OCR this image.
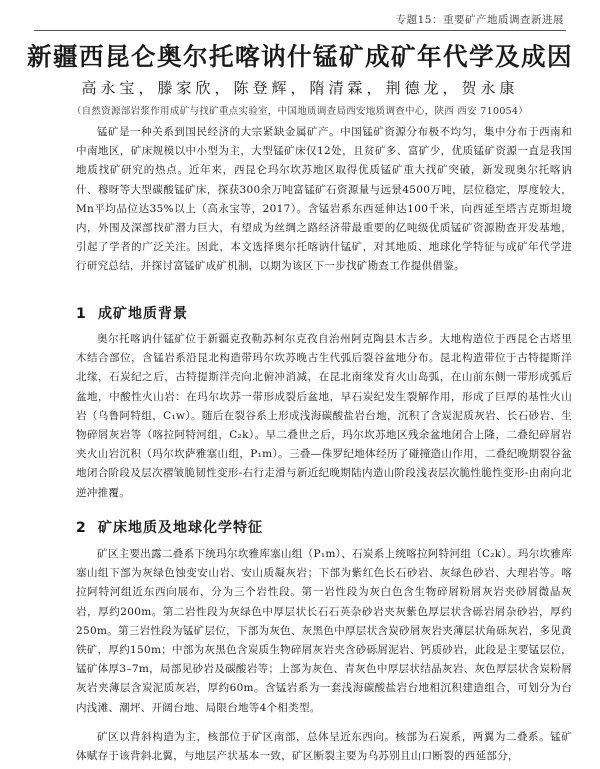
专题15：重要矿产地质调查新进展
新疆西昆仑奥尔托喀讷什锰矿成矿年代学及成因
高永宝，滕家欣，陈登辉，隋清霖，荆德龙，贺永康
（自然资源部岩浆作用成矿与找矿重点实验室，中国地质调查局西安地质调查中心，陕西 西安 710054）

锰矿是一种关系到国民经济的大宗紧缺金属矿产。中国锰矿资源分布极不均匀，集中分布于西南和中南地区，矿床规模以中小型为主，大型锰矿床仅12处，且贫矿多、富矿少，优质锰矿资源一直是我国地质找矿研究的热点。近年来，西昆仑玛尔坎苏地区取得优质锰矿重大找矿突破，新发现奥尔托喀讷什、穆呀等大型碳酸锰矿床，探获300余万吨富锰矿石资源量与远景4500万吨，层位稳定，厚度较大，Mn平均品位达35%以上（高永宝等，2017）。含锰岩系东西延伸达100千米，向西延至塔吉克斯坦境内，外围及深部找矿潜力巨大，有望成为丝绸之路经济带最重要的亿吨级优质锰矿资源勘查开发基地，引起了学者的广泛关注。因此，本文选择奥尔托喀讷什锰矿，对其地质、地球化学特征与成矿年代学进行研究总结，并探讨富锰矿成矿机制，以期为该区下一步找矿勘查工作提供借鉴。

1 成矿地质背景

奥尔托喀讷什锰矿位于新疆克孜勒苏柯尔克孜自治州阿克陶县木吉乡。大地构造位于西昆仑古塔里木结合部位，含锰岩系沿昆北构造带玛尔坎苏晚古生代弧后裂谷盆地分布。昆北构造带位于古特提斯洋北缘，石炭纪之后，古特提斯洋壳向北俯冲消减，在昆北南缘发育火山岛弧，在山前东侧一带形成弧后盆地，中酸性火山岩：在玛尔坎苏一带形成裂后盆地，早石炭纪发生裂解作用，形成了巨厚的基性火山岩（乌鲁阿特组，C₁w）。随后在裂谷系上形成浅海碳酸盐岩台地，沉积了含炭泥质灰岩、长石砂岩、生物碎屑灰岩等（喀拉阿特河组，C₂k）。早二叠世之后，玛尔坎苏地区残余盆地闭合上隆，二叠纪碎屑岩夹火山岩沉积（玛尔坎萨雅塞山组，P₁m）。三叠—侏罗纪地体经历了碰撞造山作用，二叠纪晚期裂谷盆地闭合阶段及层次褶皱脆韧性变形-右行走滑与新近纪晚期陆内造山阶段浅表层次脆性脆性变形-由南向北逆冲推覆。

2 矿床地质及地球化学特征

矿区主要出露二叠系下统玛尔坎雅库塞山组（P₁m）、石炭系上统喀拉阿特河组（C₂k）。玛尔坎雅库塞山组下部为灰绿色蚀变安山岩、安山质凝灰岩；下部为紫红色长石砂岩、灰绿色砂岩、大理岩等。喀拉阿特河组近东西向展布，分为三个岩性段。第一岩性段为灰白色含生物碎屑粉屑灰岩夹砂屑微晶灰岩，厚约200m。第二岩性段为灰绿色中厚层状长石石英杂砂岩夹灰紫色厚层状含砾岩屑杂砂岩，厚约250m。第三岩性段为锰矿层位，下部为灰色、灰黑色中厚层状含炭砂屑灰岩夹薄层状角砾灰岩，多见黄铁矿，厚约150m；中部为灰黑色含炭质生物碎屑灰岩夹含砂砾屑泥岩、钙质砂岩，此段是主要锰层位，锰矿体厚3–7m，局部见砂岩及碳酸岩等；上部为灰色、青灰色中厚层状结晶灰岩、灰色厚层状含炭粉屑灰岩夹薄层含炭泥质灰岩，厚约60m。含锰岩系为一套浅海碳酸盐岩台地相沉积建造组合，可划分为台内浅滩、潮坪、开阔台地、局限台地等4个相类型。

矿区以背斜构造为主，核部位于矿区南部，总体呈近东西向。核部为石炭系，两翼为二叠系。锰矿体赋存于该背斜北翼，与地层产状基本一致，矿区断裂主要为乌苏别且山口断裂的西延部分，
